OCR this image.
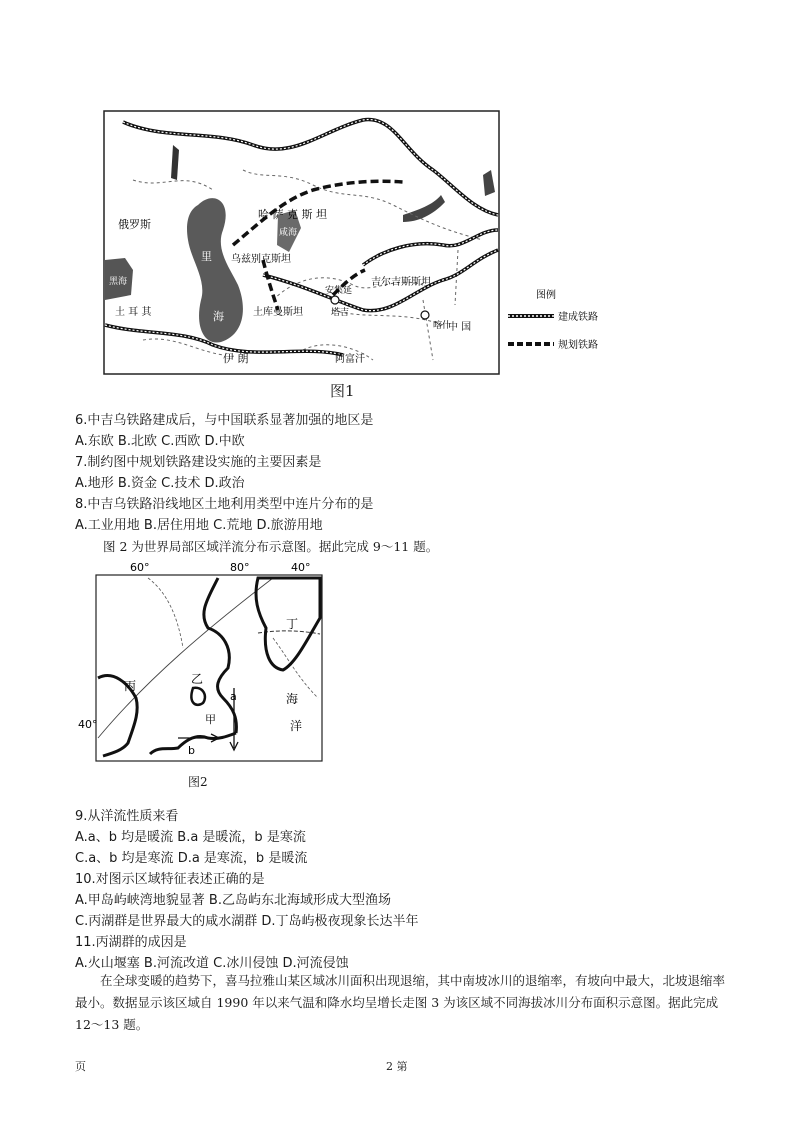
俄罗斯
哈 萨 克 斯 坦
乌兹别克斯坦
吉尔吉斯斯坦
土库曼斯坦
安集延
塔吉
喀什
中 国
伊 朗	阿富汗
土 耳 其
黑海
里
海
咸海
图例
建成铁路
规划铁路
图1
6.中吉乌铁路建成后，与中国联系显著加强的地区是
A.东欧 B.北欧 C.西欧 D.中欧
7.制约图中规划铁路建设实施的主要因素是
A.地形 B.资金 C.技术 D.政治
8.中吉乌铁路沿线地区土地利用类型中连片分布的是
A.工业用地 B.居住用地 C.荒地 D.旅游用地
图 2 为世界局部区域洋流分布示意图。据此完成 9～11 题。
60°	80°	40°
40°
丁
乙
丙
甲
a
b
海
洋
图2
9.从洋流性质来看
A.a、b 均是暖流 B.a 是暖流，b 是寒流
C.a、b 均是寒流 D.a 是寒流，b 是暖流
10.对图示区域特征表述正确的是
A.甲岛屿峡湾地貌显著 B.乙岛屿东北海域形成大型渔场
C.丙湖群是世界最大的咸水湖群 D.丁岛屿极夜现象长达半年
11.丙湖群的成因是
A.火山堰塞 B.河流改道 C.冰川侵蚀 D.河流侵蚀
在全球变暖的趋势下，喜马拉雅山某区域冰川面积出现退缩，其中南坡冰川的退缩率，有坡向中最大，北坡退缩率最小。数据显示该区域自 1990 年以来气温和降水均呈增长走图 3 为该区域不同海拔冰川分布面积示意图。据此完成 12～13 题。
页	2 第
